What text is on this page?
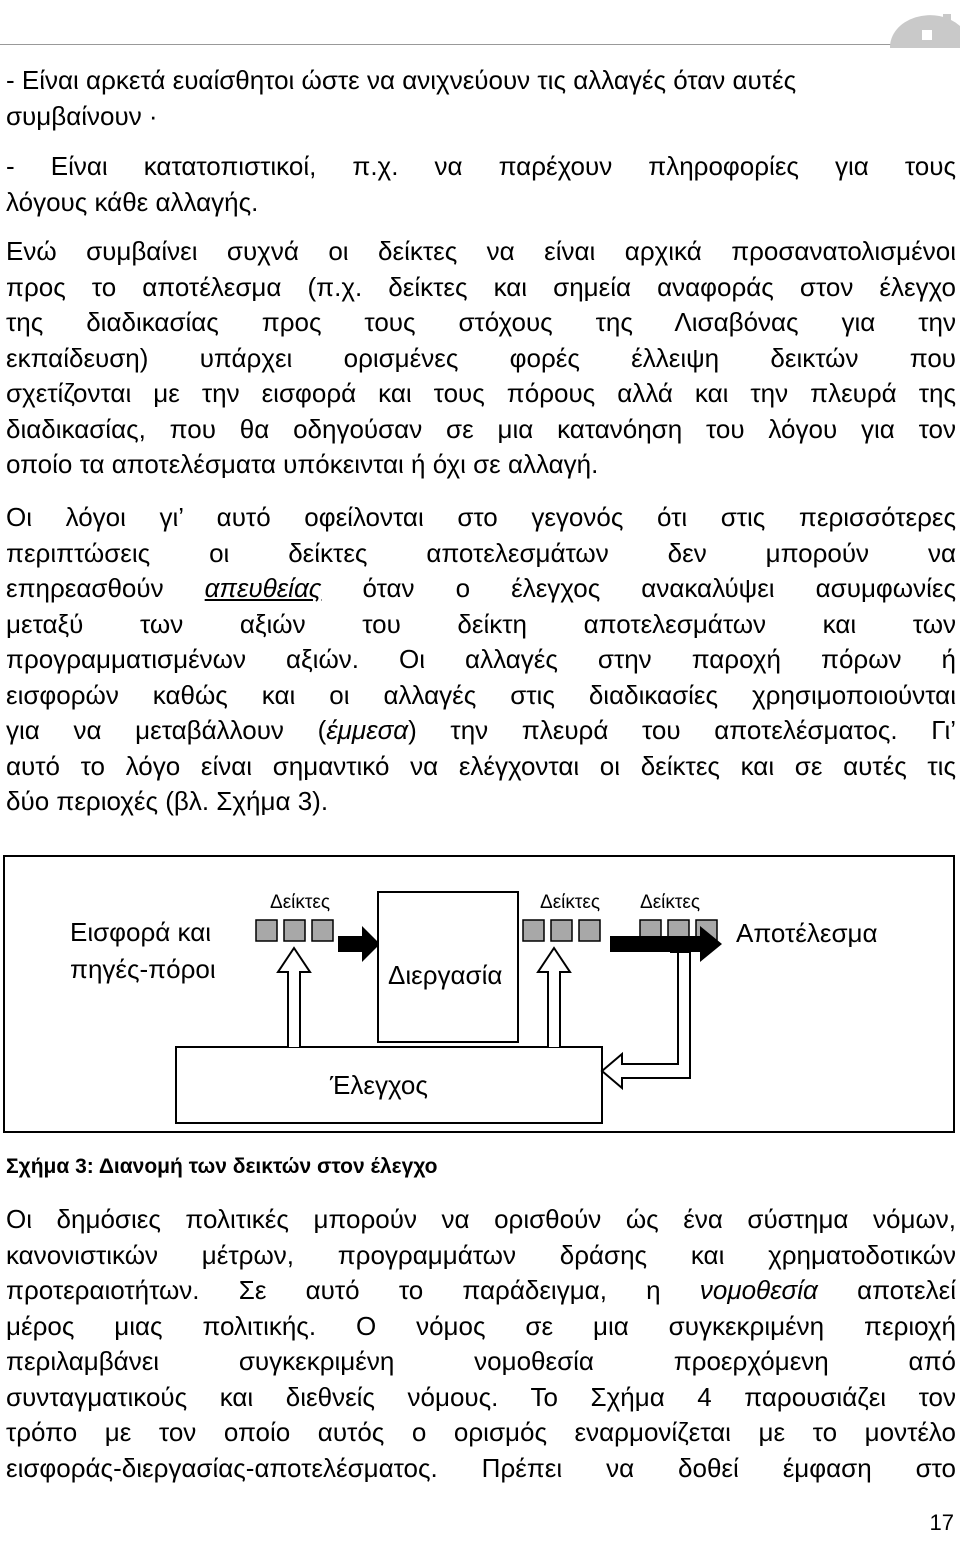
- Είναι αρκετά ευαίσθητοι ώστε να ανιχνεύουν τις αλλαγές όταν αυτές
συμβαίνουν ·
- Είναι κατατοπιστικοί, π.χ. να παρέχουν πληροφορίες για τους
λόγους κάθε αλλαγής.
Ενώ συμβαίνει συχνά οι δείκτες να είναι αρχικά προσανατολισμένοι
προς το αποτέλεσμα (π.χ. δείκτες και σημεία αναφοράς στον έλεγχο
της διαδικασίας προς τους στόχους της Λισαβόνας για την
εκπαίδευση) υπάρχει ορισμένες φορές έλλειψη δεικτών που
σχετίζονται με την εισφορά και τους πόρους αλλά και την πλευρά της
διαδικασίας, που θα οδηγούσαν σε μια κατανόηση του λόγου για τον
οποίο τα αποτελέσματα υπόκεινται ή όχι σε αλλαγή.
Οι λόγοι γι’ αυτό οφείλονται στο γεγονός ότι στις περισσότερες
περιπτώσεις οι δείκτες αποτελεσμάτων δεν μπορούν να
επηρεασθούν απευθείας όταν ο έλεγχος ανακαλύψει ασυμφωνίες
μεταξύ των αξιών του δείκτη αποτελεσμάτων και των
προγραμματισμένων αξιών. Οι αλλαγές στην παροχή πόρων ή
εισφορών καθώς και οι αλλαγές στις διαδικασίες χρησιμοποιούνται
για να μεταβάλλουν (έμμεσα) την πλευρά του αποτελέσματος. Γι’
αυτό το λόγο είναι σημαντικό να ελέγχονται οι δείκτες και σε αυτές τις
δύο περιοχές (βλ. Σχήμα 3).
Εισφορά και
πηγές-πόροι
Δείκτες	Δείκτες Δείκτες
Διεργασία
Αποτέλεσμα
Έλεγχος
Σχήμα 3: Διανομή των δεικτών στον έλεγχο
Οι δημόσιες πολιτικές μπορούν να ορισθούν ώς ένα σύστημα νόμων,
κανονιστικών μέτρων, προγραμμάτων δράσης και χρηματοδοτικών
προτεραιοτήτων. Σε αυτό το παράδειγμα, η νομοθεσία αποτελεί
μέρος μιας πολιτικής. Ο νόμος σε μια συγκεκριμένη περιοχή
περιλαμβάνει συγκεκριμένη νομοθεσία προερχόμενη από
συνταγματικούς και διεθνείς νόμους. Το Σχήμα 4 παρουσιάζει τον
τρόπο με τον οποίο αυτός ο ορισμός εναρμονίζεται με το μοντέλο
εισφοράς-διεργασίας-αποτελέσματος. Πρέπει να δοθεί έμφαση στο
17
